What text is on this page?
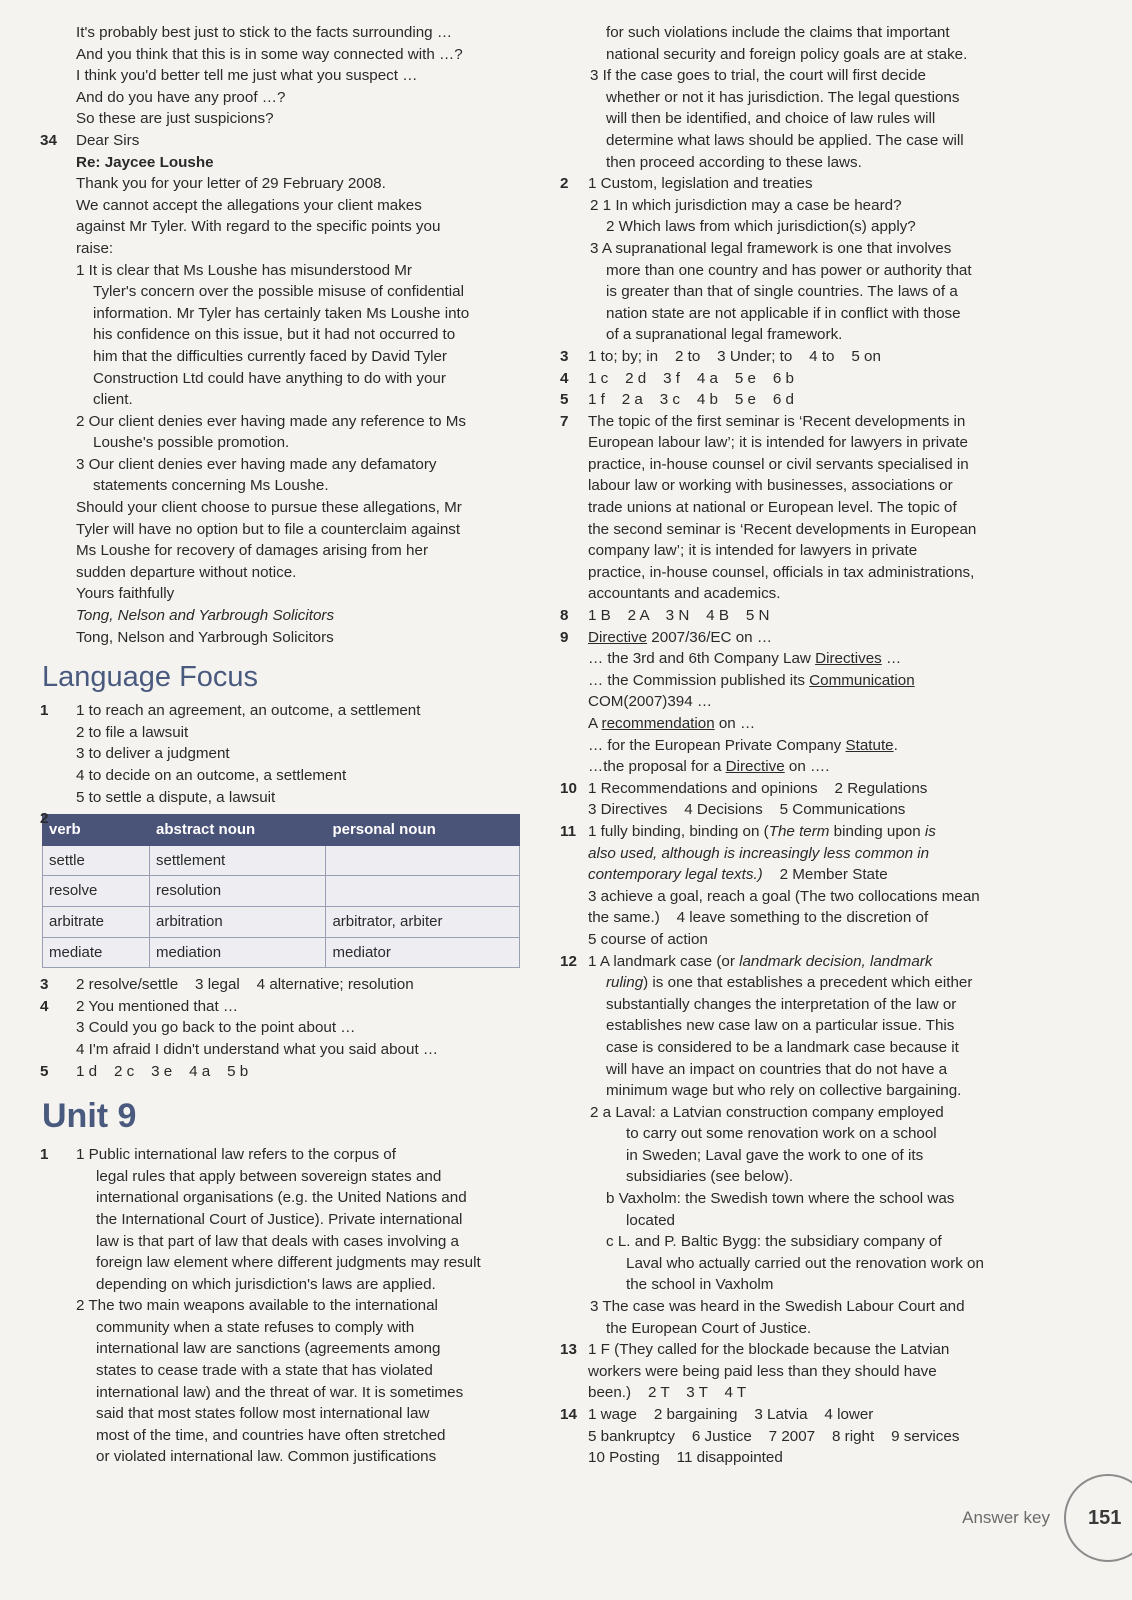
It's probably best just to stick to the facts surrounding …
And you think that this is in some way connected with …?
I think you'd better tell me just what you suspect …
And do you have any proof …?
So these are just suspicions?
34 Dear Sirs
Re: Jaycee Loushe
Thank you for your letter of 29 February 2008.
We cannot accept the allegations your client makes
against Mr Tyler. With regard to the specific points you
raise:
1 It is clear that Ms Loushe has misunderstood Mr
Tyler's concern over the possible misuse of confidential
information. Mr Tyler has certainly taken Ms Loushe into
his confidence on this issue, but it had not occurred to
him that the difficulties currently faced by David Tyler
Construction Ltd could have anything to do with your
client.
2 Our client denies ever having made any reference to Ms
Loushe's possible promotion.
3 Our client denies ever having made any defamatory
statements concerning Ms Loushe.
Should your client choose to pursue these allegations, Mr
Tyler will have no option but to file a counterclaim against
Ms Loushe for recovery of damages arising from her
sudden departure without notice.
Yours faithfully
Tong, Nelson and Yarbrough Solicitors
Tong, Nelson and Yarbrough Solicitors
Language Focus
1 1 to reach an agreement, an outcome, a settlement
2 to file a lawsuit
3 to deliver a judgment
4 to decide on an outcome, a settlement
5 to settle a dispute, a lawsuit
2
verb	abstract noun	personal noun
settle	settlement	
resolve	resolution	
arbitrate	arbitration	arbitrator, arbiter
mediate	mediation	mediator
3 2 resolve/settle    3 legal    4 alternative; resolution
4 2 You mentioned that …
3 Could you go back to the point about …
4 I'm afraid I didn't understand what you said about …
5 1 d    2 c    3 e    4 a    5 b
Unit 9
1 1 Public international law refers to the corpus of
legal rules that apply between sovereign states and
international organisations (e.g. the United Nations and
the International Court of Justice). Private international
law is that part of law that deals with cases involving a
foreign law element where different judgments may result
depending on which jurisdiction's laws are applied.
2 The two main weapons available to the international
community when a state refuses to comply with
international law are sanctions (agreements among
states to cease trade with a state that has violated
international law) and the threat of war. It is sometimes
said that most states follow most international law
most of the time, and countries have often stretched
or violated international law. Common justifications
for such violations include the claims that important
national security and foreign policy goals are at stake.
3 If the case goes to trial, the court will first decide
whether or not it has jurisdiction. The legal questions
will then be identified, and choice of law rules will
determine what laws should be applied. The case will
then proceed according to these laws.
2 1 Custom, legislation and treaties
2 1 In which jurisdiction may a case be heard?
2 Which laws from which jurisdiction(s) apply?
3 A supranational legal framework is one that involves
more than one country and has power or authority that
is greater than that of single countries. The laws of a
nation state are not applicable if in conflict with those
of a supranational legal framework.
3 1 to; by; in    2 to    3 Under; to    4 to    5 on
4 1 c    2 d    3 f    4 a    5 e    6 b
5 1 f    2 a    3 c    4 b    5 e    6 d
7 The topic of the first seminar is ‘Recent developments in
European labour law’; it is intended for lawyers in private
practice, in-house counsel or civil servants specialised in
labour law or working with businesses, associations or
trade unions at national or European level. The topic of
the second seminar is ‘Recent developments in European
company law’; it is intended for lawyers in private
practice, in-house counsel, officials in tax administrations,
accountants and academics.
8 1 B    2 A    3 N    4 B    5 N
9 Directive 2007/36/EC on …
… the 3rd and 6th Company Law Directives …
… the Commission published its Communication
COM(2007)394 …
A recommendation on …
… for the European Private Company Statute.
…the proposal for a Directive on ….
10 1 Recommendations and opinions    2 Regulations
3 Directives    4 Decisions    5 Communications
11 1 fully binding, binding on (The term binding upon is
also used, although is increasingly less common in
contemporary legal texts.)    2 Member State
3 achieve a goal, reach a goal (The two collocations mean
the same.)    4 leave something to the discretion of
5 course of action
12 1 A landmark case (or landmark decision, landmark
ruling) is one that establishes a precedent which either
substantially changes the interpretation of the law or
establishes new case law on a particular issue. This
case is considered to be a landmark case because it
will have an impact on countries that do not have a
minimum wage but who rely on collective bargaining.
2 a Laval: a Latvian construction company employed
to carry out some renovation work on a school
in Sweden; Laval gave the work to one of its
subsidiaries (see below).
b Vaxholm: the Swedish town where the school was
located
c L. and P. Baltic Bygg: the subsidiary company of
Laval who actually carried out the renovation work on
the school in Vaxholm
3 The case was heard in the Swedish Labour Court and
the European Court of Justice.
13 1 F (They called for the blockade because the Latvian
workers were being paid less than they should have
been.)    2 T    3 T    4 T
14 1 wage    2 bargaining    3 Latvia    4 lower
5 bankruptcy    6 Justice    7 2007    8 right    9 services
10 Posting    11 disappointed
Answer key	151
